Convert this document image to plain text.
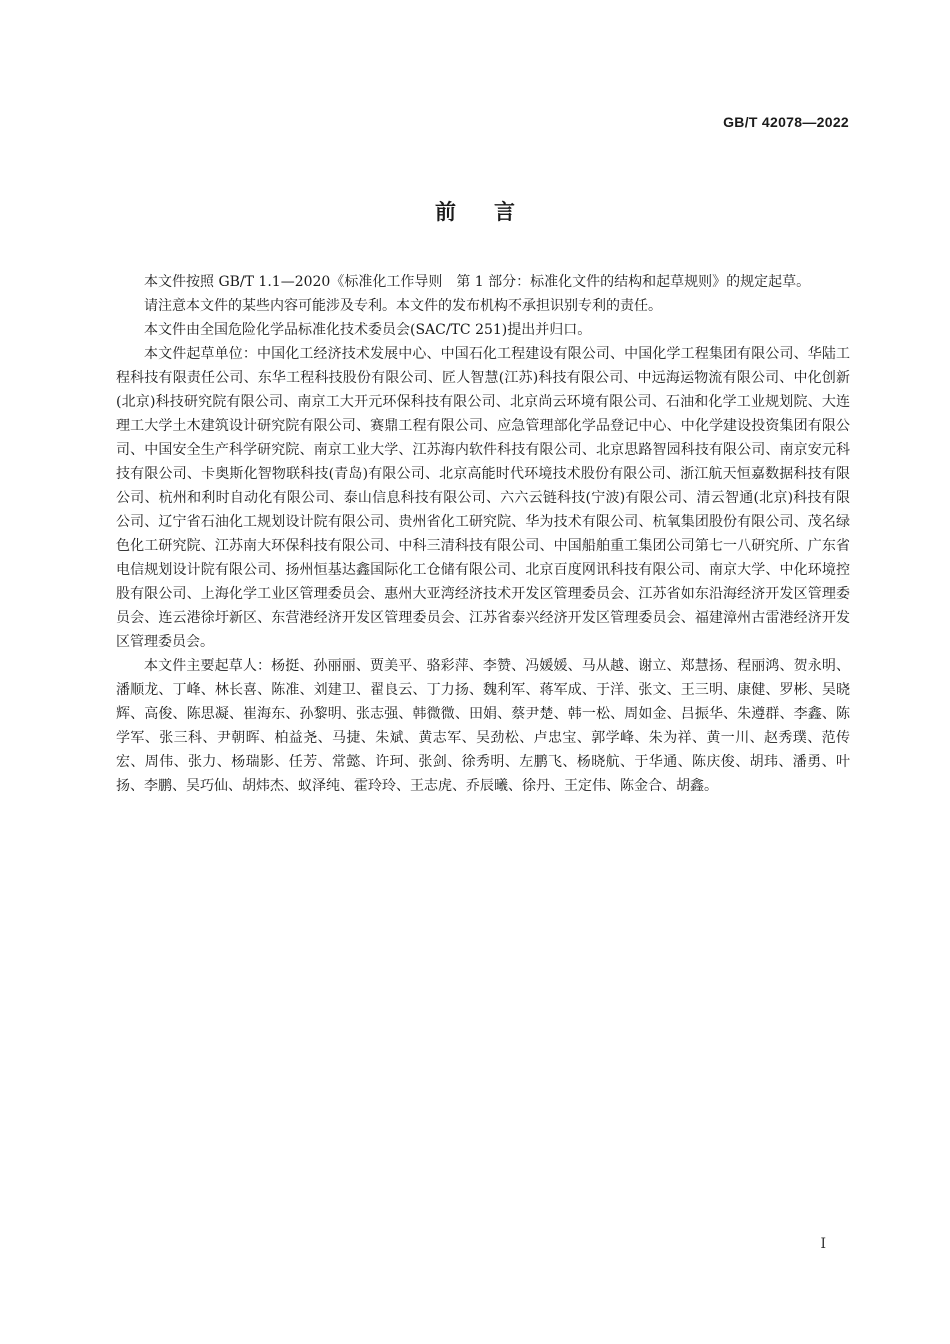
GB/T 42078—2022
前言

本文件按照 GB/T 1.1—2020《标准化工作导则　第 1 部分：标准化文件的结构和起草规则》的规定起草。

请注意本文件的某些内容可能涉及专利。本文件的发布机构不承担识别专利的责任。

本文件由全国危险化学品标准化技术委员会(SAC/TC 251)提出并归口。

本文件起草单位：中国化工经济技术发展中心、中国石化工程建设有限公司、中国化学工程集团有限公司、华陆工程科技有限责任公司、东华工程科技股份有限公司、匠人智慧(江苏)科技有限公司、中远海运物流有限公司、中化创新(北京)科技研究院有限公司、南京工大开元环保科技有限公司、北京尚云环境有限公司、石油和化学工业规划院、大连理工大学土木建筑设计研究院有限公司、赛鼎工程有限公司、应急管理部化学品登记中心、中化学建设投资集团有限公司、中国安全生产科学研究院、南京工业大学、江苏海内软件科技有限公司、北京思路智园科技有限公司、南京安元科技有限公司、卡奥斯化智物联科技(青岛)有限公司、北京高能时代环境技术股份有限公司、浙江航天恒嘉数据科技有限公司、杭州和利时自动化有限公司、泰山信息科技有限公司、六六云链科技(宁波)有限公司、清云智通(北京)科技有限公司、辽宁省石油化工规划设计院有限公司、贵州省化工研究院、华为技术有限公司、杭氧集团股份有限公司、茂名绿色化工研究院、江苏南大环保科技有限公司、中科三清科技有限公司、中国船舶重工集团公司第七一八研究所、广东省电信规划设计院有限公司、扬州恒基达鑫国际化工仓储有限公司、北京百度网讯科技有限公司、南京大学、中化环境控股有限公司、上海化学工业区管理委员会、惠州大亚湾经济技术开发区管理委员会、江苏省如东沿海经济开发区管理委员会、连云港徐圩新区、东营港经济开发区管理委员会、江苏省泰兴经济开发区管理委员会、福建漳州古雷港经济开发区管理委员会。

本文件主要起草人：杨挺、孙丽丽、贾美平、骆彩萍、李赞、冯媛媛、马从越、谢立、郑慧扬、程丽鸿、贺永明、潘顺龙、丁峰、林长喜、陈准、刘建卫、翟良云、丁力扬、魏利军、蒋军成、于洋、张文、王三明、康健、罗彬、吴晓辉、高俊、陈思凝、崔海东、孙黎明、张志强、韩微微、田娟、蔡尹楚、韩一松、周如金、吕振华、朱遵群、李鑫、陈学军、张三科、尹朝晖、柏益尧、马捷、朱斌、黄志军、吴劲松、卢忠宝、郭学峰、朱为祥、黄一川、赵秀璞、范传宏、周伟、张力、杨瑞影、任芳、常懿、许珂、张剑、徐秀明、左鹏飞、杨晓航、于华通、陈庆俊、胡玮、潘勇、叶扬、李鹏、吴巧仙、胡炜杰、蚁泽纯、霍玲玲、王志虎、乔辰曦、徐丹、王定伟、陈金合、胡鑫。

I
